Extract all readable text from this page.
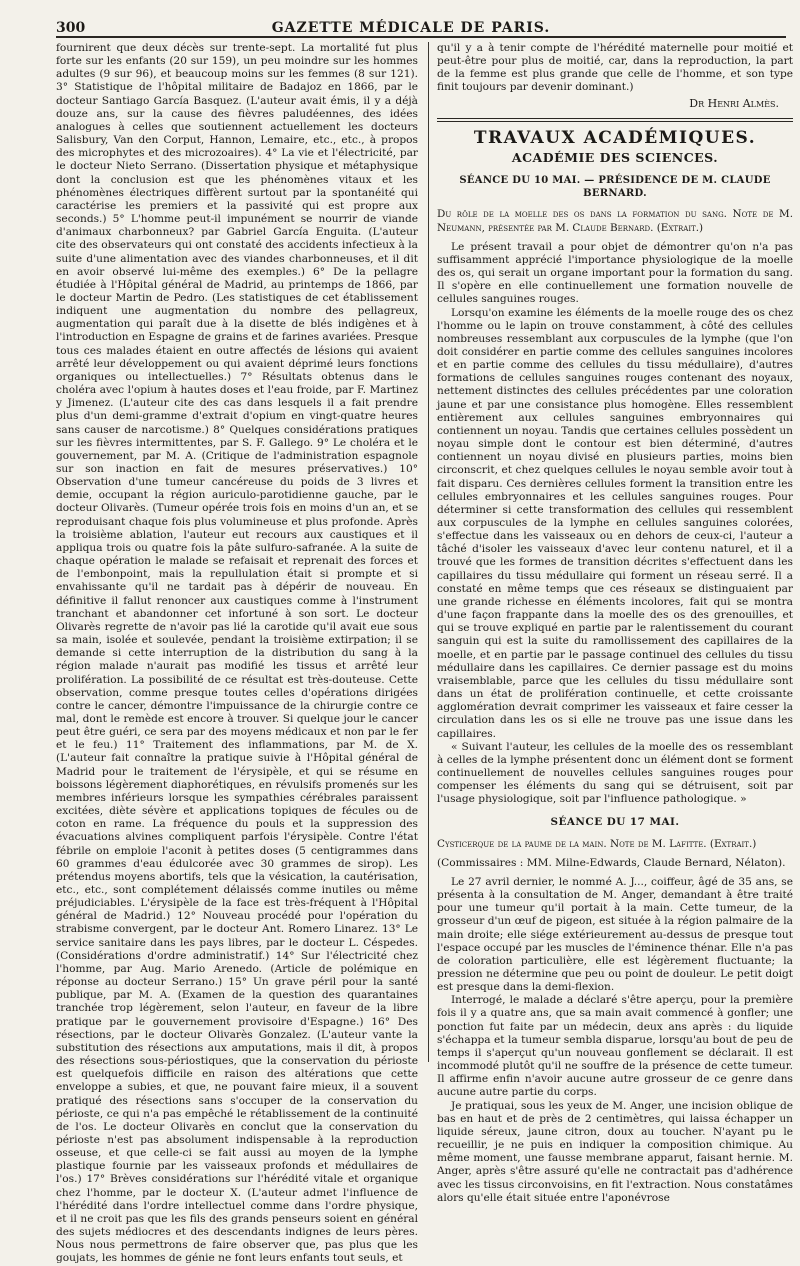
300	GAZETTE MÉDICALE DE PARIS.

fournirent que deux décès sur trente-sept. La mortalité fut plus forte sur les enfants (20 sur 159), un peu moindre sur les hommes adultes (9 sur 96), et beaucoup moins sur les femmes (8 sur 121). 3° Statistique de l'hôpital militaire de Badajoz en 1866, par le docteur Santiago García Basquez. (L'auteur avait émis, il y a déjà douze ans, sur la cause des fièvres paludéennes, des idées analogues à celles que soutiennent actuellement les docteurs Salisbury, Van den Corput, Hannon, Lemaire, etc., etc., à propos des microphytes et des microzoaires). 4° La vie et l'électricité, par le docteur Nieto Serrano. (Dissertation physique et métaphysique dont la conclusion est que les phénomènes vitaux et les phénomènes électriques diffèrent surtout par la spontanéité qui caractérise les premiers et la passivité qui est propre aux seconds.) 5° L'homme peut-il impunément se nourrir de viande d'animaux charbonneux? par Gabriel García Enguita. (L'auteur cite des observateurs qui ont constaté des accidents infectieux à la suite d'une alimentation avec des viandes charbonneuses, et il dit en avoir observé lui-même des exemples.) 6° De la pellagre étudiée à l'Hôpital général de Madrid, au printemps de 1866, par le docteur Martin de Pedro. (Les statistiques de cet établissement indiquent une augmentation du nombre des pellagreux, augmentation qui paraît due à la disette de blés indigènes et à l'introduction en Espagne de grains et de farines avariées. Presque tous ces malades étaient en outre affectés de lésions qui avaient arrêté leur développement ou qui avaient déprimé leurs fonctions organiques ou intellectuelles.) 7° Résultats obtenus dans le choléra avec l'opium à hautes doses et l'eau froide, par F. Martinez y Jimenez. (L'auteur cite des cas dans lesquels il a fait prendre plus d'un demi-gramme d'extrait d'opium en vingt-quatre heures sans causer de narcotisme.) 8° Quelques considérations pratiques sur les fièvres intermittentes, par S. F. Gallego. 9° Le choléra et le gouvernement, par M. A. (Critique de l'administration espagnole sur son inaction en fait de mesures préservatives.) 10° Observation d'une tumeur cancéreuse du poids de 3 livres et demie, occupant la région auriculo-parotidienne gauche, par le docteur Olivarès. (Tumeur opérée trois fois en moins d'un an, et se reproduisant chaque fois plus volumineuse et plus profonde. Après la troisième ablation, l'auteur eut recours aux caustiques et il appliqua trois ou quatre fois la pâte sulfuro-safranée. A la suite de chaque opération le malade se refaisait et reprenait des forces et de l'embonpoint, mais la repullulation était si prompte et si envahissante qu'il ne tardait pas à dépérir de nouveau. En définitive il fallut renoncer aux caustiques comme à l'instrument tranchant et abandonner cet infortuné à son sort. Le docteur Olivarès regrette de n'avoir pas lié la carotide qu'il avait eue sous sa main, isolée et soulevée, pendant la troisième extirpation; il se demande si cette interruption de la distribution du sang à la région malade n'aurait pas modifié les tissus et arrêté leur prolifération. La possibilité de ce résultat est très-douteuse. Cette observation, comme presque toutes celles d'opérations dirigées contre le cancer, démontre l'impuissance de la chirurgie contre ce mal, dont le remède est encore à trouver. Si quelque jour le cancer peut être guéri, ce sera par des moyens médicaux et non par le fer et le feu.) 11° Traitement des inflammations, par M. de X. (L'auteur fait connaître la pratique suivie à l'Hôpital général de Madrid pour le traitement de l'érysipèle, et qui se résume en boissons légèrement diaphorétiques, en révulsifs promenés sur les membres inférieurs lorsque les sympathies cérébrales paraissent excitées, diète sévère et applications topiques de fécules ou de coton en rame. La fréquence du pouls et la suppression des évacuations alvines compliquent parfois l'érysipèle. Contre l'état fébrile on emploie l'aconit à petites doses (5 centigrammes dans 60 grammes d'eau édulcorée avec 30 grammes de sirop). Les prétendus moyens abortifs, tels que la vésication, la cautérisation, etc., etc., sont complétement délaissés comme inutiles ou même préjudiciables. L'érysipèle de la face est très-fréquent à l'Hôpital général de Madrid.) 12° Nouveau procédé pour l'opération du strabisme convergent, par le docteur Ant. Romero Linarez. 13° Le service sanitaire dans les pays libres, par le docteur L. Céspedes. (Considérations d'ordre administratif.) 14° Sur l'électricité chez l'homme, par Aug. Mario Arenedo. (Article de polémique en réponse au docteur Serrano.) 15° Un grave péril pour la santé publique, par M. A. (Examen de la question des quarantaines tranchée trop légèrement, selon l'auteur, en faveur de la libre pratique par le gouvernement provisoire d'Espagne.) 16° Des résections, par le docteur Olivarès Gonzalez. (L'auteur vante la substitution des résections aux amputations, mais il dit, à propos des résections sous-périostiques, que la conservation du périoste est quelquefois difficile en raison des altérations que cette enveloppe a subies, et que, ne pouvant faire mieux, il a souvent pratiqué des résections sans s'occuper de la conservation du périoste, ce qui n'a pas empêché le rétablissement de la continuité de l'os. Le docteur Olivarès en conclut que la conservation du périoste n'est pas absolument indispensable à la reproduction osseuse, et que celle-ci se fait aussi au moyen de la lymphe plastique fournie par les vaisseaux profonds et médullaires de l'os.) 17° Brèves considérations sur l'hérédité vitale et organique chez l'homme, par le docteur X. (L'auteur admet l'influence de l'hérédité dans l'ordre intellectuel comme dans l'ordre physique, et il ne croit pas que les fils des grands penseurs soient en général des sujets médiocres et des descendants indignes de leurs pères. Nous nous permettrons de faire observer que, pas plus que les goujats, les hommes de génie ne font leurs enfants tout seuls, et

qu'il y a à tenir compte de l'hérédité maternelle pour moitié et peut-être pour plus de moitié, car, dans la reproduction, la part de la femme est plus grande que celle de l'homme, et son type finit toujours par devenir dominant.)

Dr Henri Almès.

TRAVAUX ACADÉMIQUES.
ACADÉMIE DES SCIENCES.
SÉANCE DU 10 MAI. — PRÉSIDENCE DE M. CLAUDE BERNARD.

Du rôle de la moelle des os dans la formation du sang. Note de M. Neumann, présentée par M. Claude Bernard. (Extrait.)

Le présent travail a pour objet de démontrer qu'on n'a pas suffisamment apprécié l'importance physiologique de la moelle des os, qui serait un organe important pour la formation du sang. Il s'opère en elle continuellement une formation nouvelle de cellules sanguines rouges.

Lorsqu'on examine les éléments de la moelle rouge des os chez l'homme ou le lapin on trouve constamment, à côté des cellules nombreuses ressemblant aux corpuscules de la lymphe (que l'on doit considérer en partie comme des cellules sanguines incolores et en partie comme des cellules du tissu médullaire), d'autres formations de cellules sanguines rouges contenant des noyaux, nettement distinctes des cellules précédentes par une coloration jaune et par une consistance plus homogène. Elles ressemblent entièrement aux cellules sanguines embryonnaires qui contiennent un noyau. Tandis que certaines cellules possèdent un noyau simple dont le contour est bien déterminé, d'autres contiennent un noyau divisé en plusieurs parties, moins bien circonscrit, et chez quelques cellules le noyau semble avoir tout à fait disparu. Ces dernières cellules forment la transition entre les cellules embryonnaires et les cellules sanguines rouges. Pour déterminer si cette transformation des cellules qui ressemblent aux corpuscules de la lymphe en cellules sanguines colorées, s'effectue dans les vaisseaux ou en dehors de ceux-ci, l'auteur a tâché d'isoler les vaisseaux d'avec leur contenu naturel, et il a trouvé que les formes de transition décrites s'effectuent dans les capillaires du tissu médullaire qui forment un réseau serré. Il a constaté en même temps que ces réseaux se distinguaient par une grande richesse en éléments incolores, fait qui se montra d'une façon frappante dans la moelle des os des grenouilles, et qui se trouve expliqué en partie par le ralentissement du courant sanguin qui est la suite du ramollissement des capillaires de la moelle, et en partie par le passage continuel des cellules du tissu médullaire dans les capillaires. Ce dernier passage est du moins vraisemblable, parce que les cellules du tissu médullaire sont dans un état de prolifération continuelle, et cette croissante agglomération devrait comprimer les vaisseaux et faire cesser la circulation dans les os si elle ne trouve pas une issue dans les capillaires.

« Suivant l'auteur, les cellules de la moelle des os ressemblant à celles de la lymphe présentent donc un élément dont se forment continuellement de nouvelles cellules sanguines rouges pour compenser les éléments du sang qui se détruisent, soit par l'usage physiologique, soit par l'influence pathologique. »

SÉANCE DU 17 MAI.

Cysticerque de la paume de la main. Note de M. Lafitte. (Extrait.)

(Commissaires : MM. Milne-Edwards, Claude Bernard, Nélaton).

Le 27 avril dernier, le nommé A. J..., coiffeur, âgé de 35 ans, se présenta à la consultation de M. Anger, demandant à être traité pour une tumeur qu'il portait à la main. Cette tumeur, de la grosseur d'un œuf de pigeon, est située à la région palmaire de la main droite; elle siége extérieurement au-dessus de presque tout l'espace occupé par les muscles de l'éminence thénar. Elle n'a pas de coloration particulière, elle est légèrement fluctuante; la pression ne détermine que peu ou point de douleur. Le petit doigt est presque dans la demi-flexion.

Interrogé, le malade a déclaré s'être aperçu, pour la première fois il y a quatre ans, que sa main avait commencé à gonfler; une ponction fut faite par un médecin, deux ans après : du liquide s'échappa et la tumeur sembla disparue, lorsqu'au bout de peu de temps il s'aperçut qu'un nouveau gonflement se déclarait. Il est incommodé plutôt qu'il ne souffre de la présence de cette tumeur. Il affirme enfin n'avoir aucune autre grosseur de ce genre dans aucune autre partie du corps.

Je pratiquai, sous les yeux de M. Anger, une incision oblique de bas en haut et de près de 2 centimètres, qui laissa échapper un liquide séreux, jaune citron, doux au toucher. N'ayant pu le recueillir, je ne puis en indiquer la composition chimique. Au même moment, une fausse membrane apparut, faisant hernie. M. Anger, après s'être assuré qu'elle ne contractait pas d'adhérence avec les tissus circonvoisins, en fit l'extraction. Nous constatâmes alors qu'elle était située entre l'aponévrose
